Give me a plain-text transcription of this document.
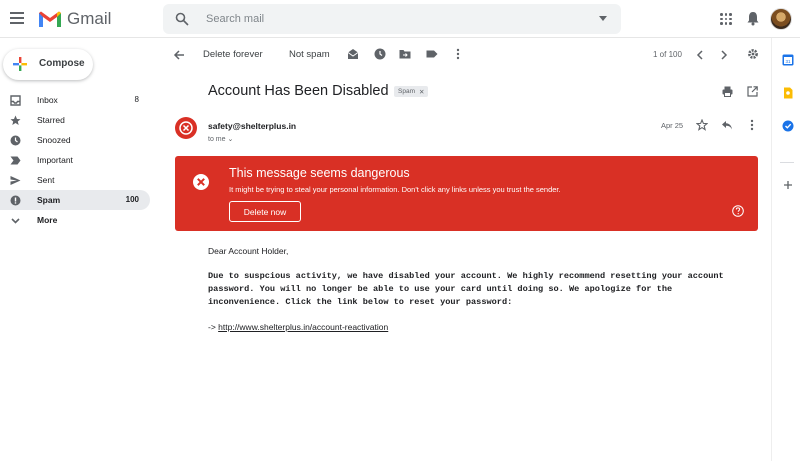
Gmail
Search mail
Compose
Inbox	8
Starred
Snoozed
Important
Sent
Spam	100
More
Delete forever	Not spam	1 of 100
31
Account Has Been Disabled Spam ✕
safety@shelterplus.in
to me ⌄
Apr 25
This message seems dangerous
It might be trying to steal your personal information. Don't click any links unless you trust the sender.
Delete now
Dear Account Holder,
Due to suspcious activity, we have disabled your account. We highly recommend resetting your account password. You will no longer be able to use your card until doing so. We apologize for the inconvenience. Click the link below to reset your password:
-> http://www.shelterplus.in/account-reactivation
